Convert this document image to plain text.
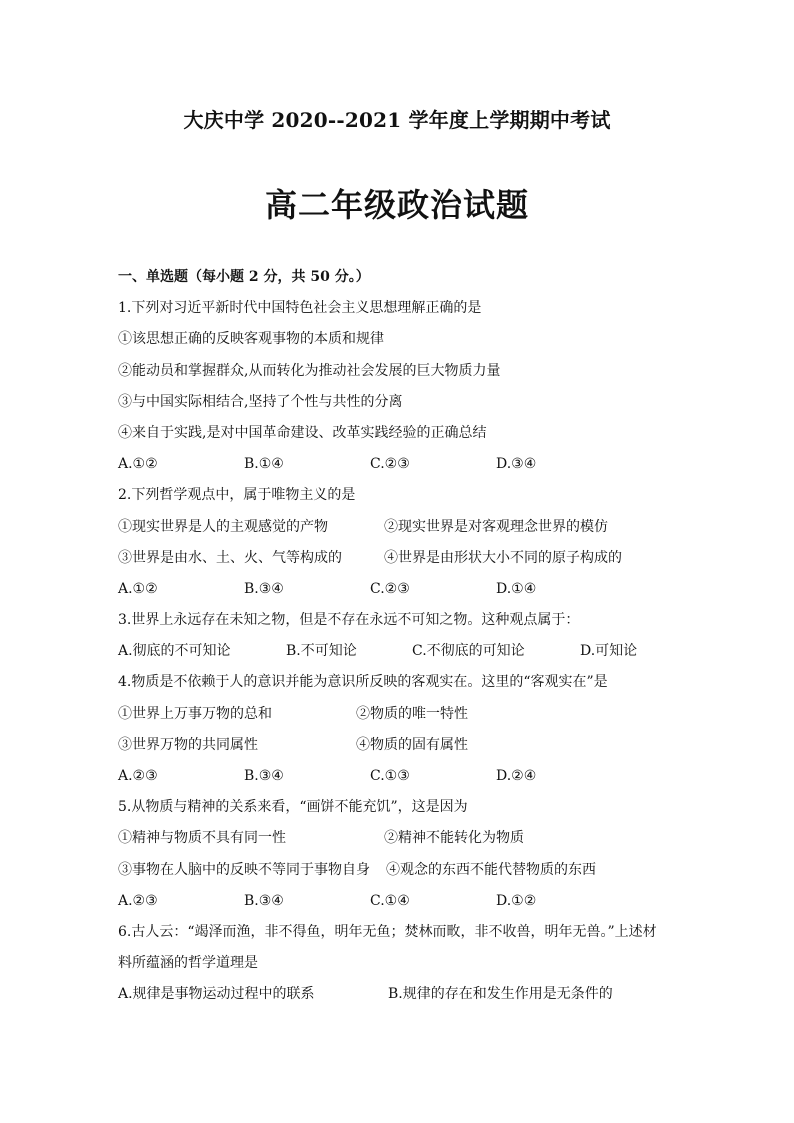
大庆中学 2020--2021 学年度上学期期中考试
高二年级政治试题
一、单选题（每小题 2 分，共 50 分。）
1.下列对习近平新时代中国特色社会主义思想理解正确的是
①该思想正确的反映客观事物的本质和规律
②能动员和掌握群众,从而转化为推动社会发展的巨大物质力量
③与中国实际相结合,坚持了个性与共性的分离
④来自于实践,是对中国革命建设、改革实践经验的正确总结
A.①②	B.①④	C.②③	D.③④
2.下列哲学观点中，属于唯物主义的是
①现实世界是人的主观感觉的产物	②现实世界是对客观理念世界的模仿
③世界是由水、土、火、气等构成的	④世界是由形状大小不同的原子构成的
A.①②	B.③④	C.②③	D.①④
3.世界上永远存在未知之物，但是不存在永远不可知之物。这种观点属于：
A.彻底的不可知论	B.不可知论	C.不彻底的可知论	D.可知论
4.物质是不依赖于人的意识并能为意识所反映的客观实在。这里的“客观实在”是
①世界上万事万物的总和	②物质的唯一特性
③世界万物的共同属性	④物质的固有属性
A.②③	B.③④	C.①③	D.②④
5.从物质与精神的关系来看，“画饼不能充饥”，这是因为
①精神与物质不具有同一性	②精神不能转化为物质
③事物在人脑中的反映不等同于事物自身 ④观念的东西不能代替物质的东西
A.②③	B.③④	C.①④	D.①②
6.古人云：“竭泽而渔，非不得鱼，明年无鱼；焚林而畋，非不收兽，明年无兽。”上述材
料所蕴涵的哲学道理是
A.规律是事物运动过程中的联系	B.规律的存在和发生作用是无条件的
